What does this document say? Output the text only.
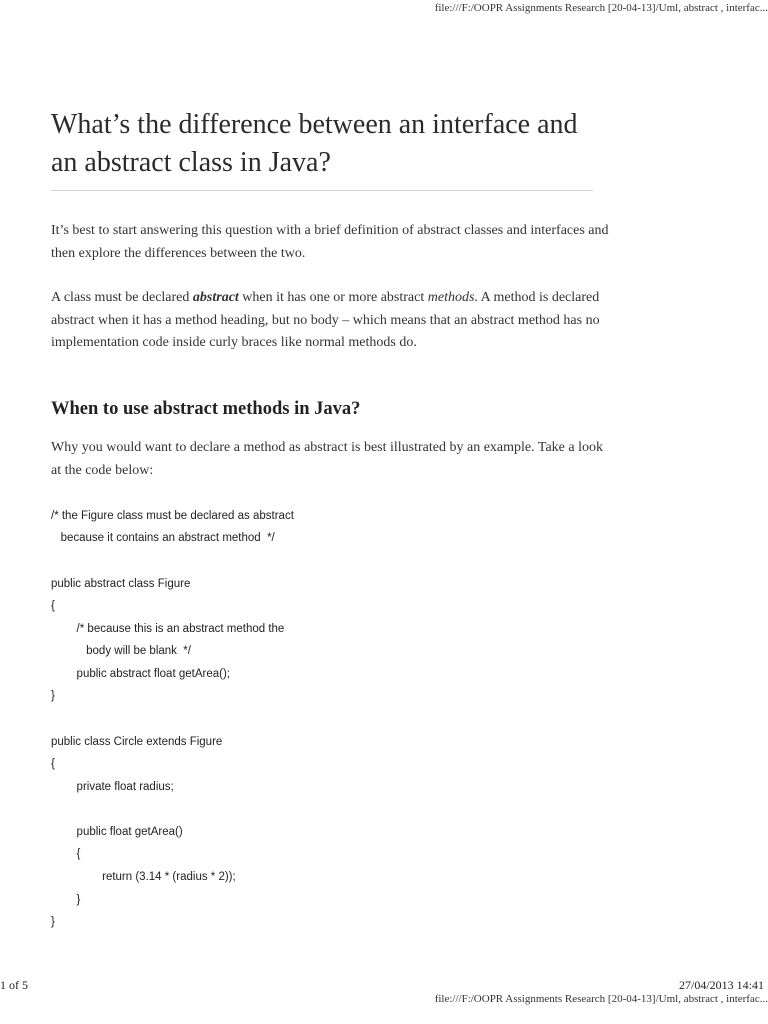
file:///F:/OOPR Assignments Research [20-04-13]/Uml, abstract , interfac...
What’s the difference between an interface and
an abstract class in Java?

It’s best to start answering this question with a brief definition of abstract classes and interfaces and then explore the differences between the two.

A class must be declared abstract when it has one or more abstract methods. A method is declared abstract when it has a method heading, but no body – which means that an abstract method has no implementation code inside curly braces like normal methods do.

When to use abstract methods in Java?

Why you would want to declare a method as abstract is best illustrated by an example. Take a look at the code below:

/* the Figure class must be declared as abstract
because it contains an abstract method  */
public abstract class Figure
{
/* because this is an abstract method the
body will be blank  */
public abstract float getArea();
}
public class Circle extends Figure
{
private float radius;
public float getArea()
{
return (3.14 * (radius * 2));
}
}
1 of 5	27/04/2013 14:41
file:///F:/OOPR Assignments Research [20-04-13]/Uml, abstract , interfac...
